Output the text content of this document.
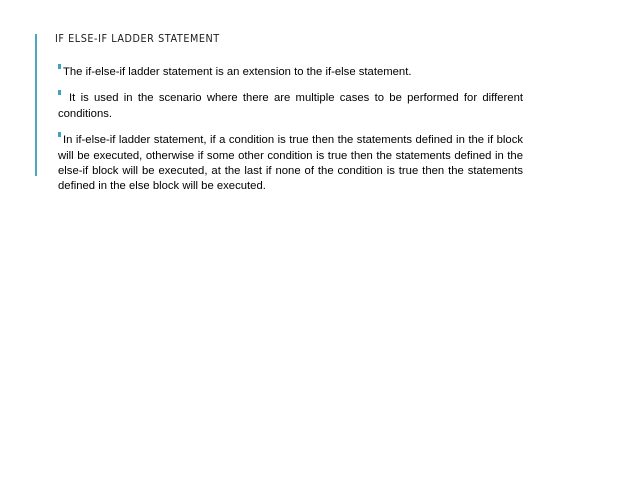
IF ELSE-IF LADDER STATEMENT
The if-else-if ladder statement is an extension to the if-else statement.
It is used in the scenario where there are multiple cases to be performed for different conditions.
In if-else-if ladder statement, if a condition is true then the statements defined in the if block will be executed, otherwise if some other condition is true then the statements defined in the else-if block will be executed, at the last if none of the condition is true then the statements defined in the else block will be executed.
